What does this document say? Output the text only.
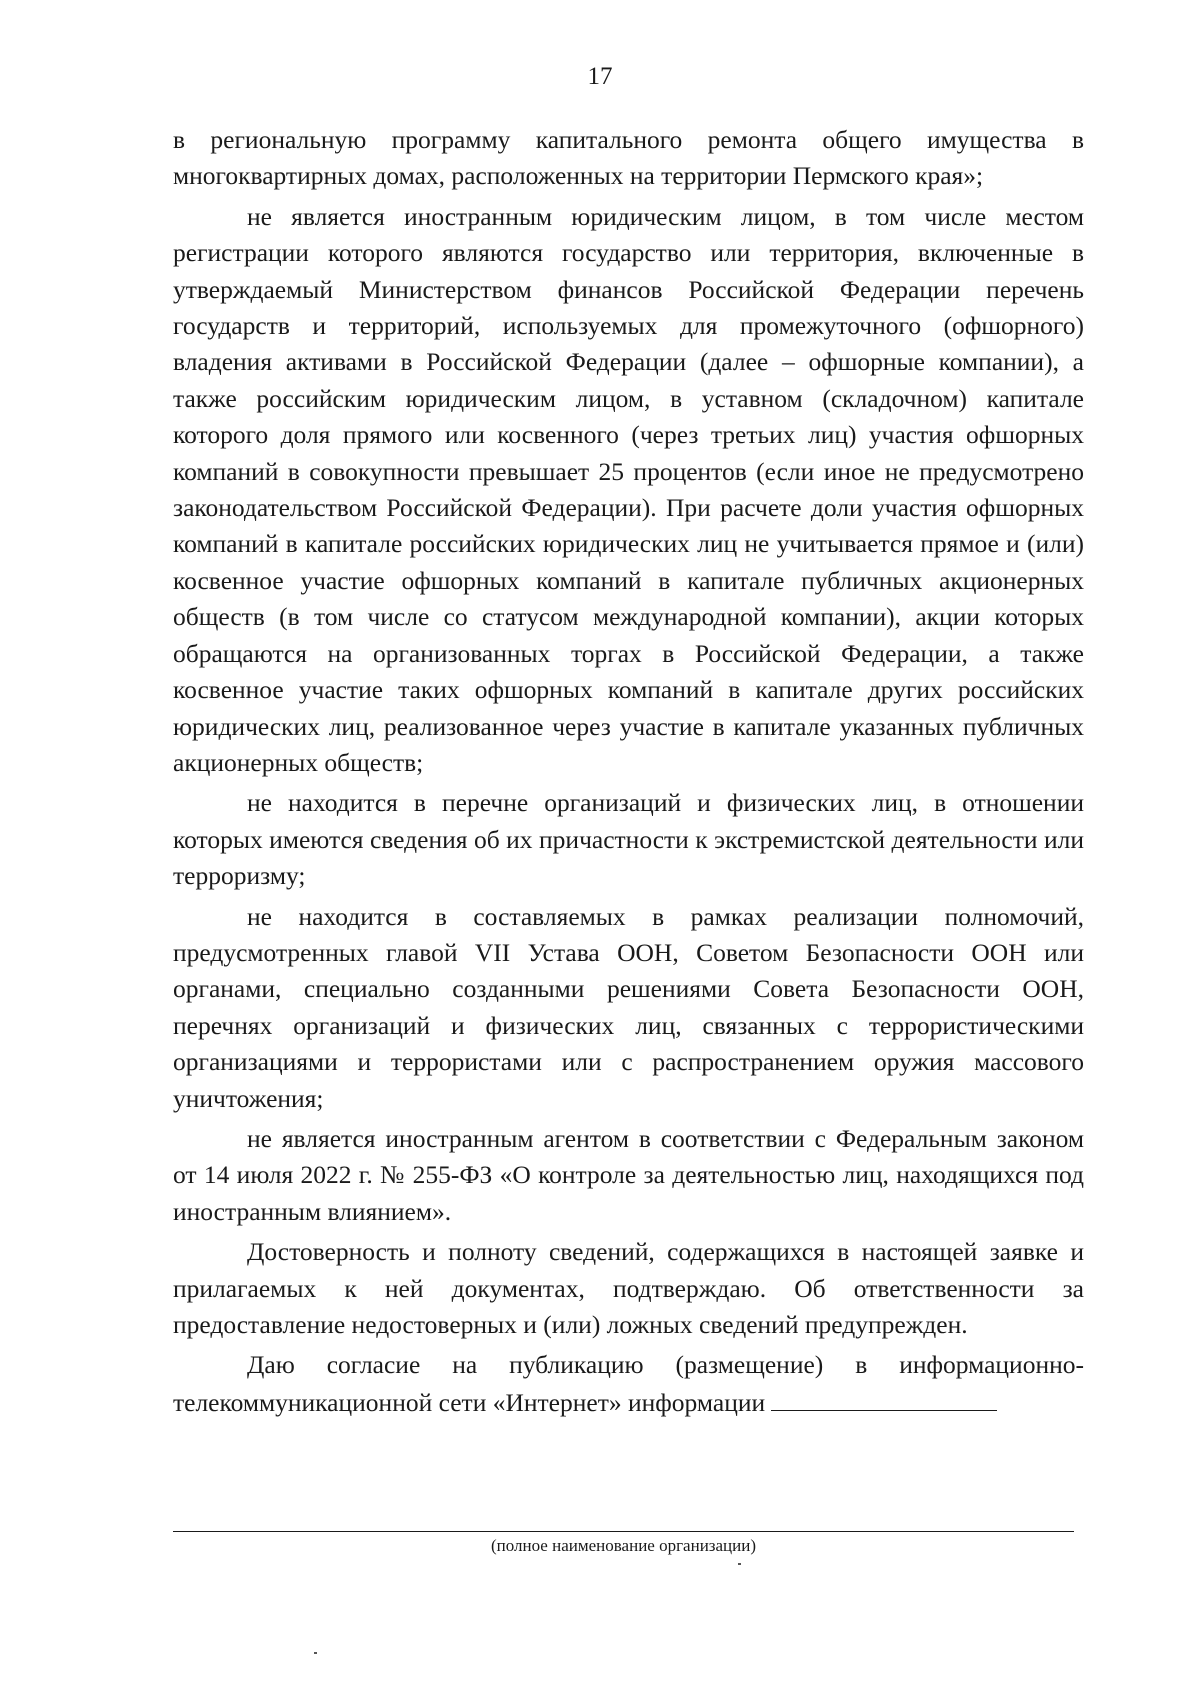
17

в региональную программу капитального ремонта общего имущества в многоквартирных домах, расположенных на территории Пермского края»;

не является иностранным юридическим лицом, в том числе местом регистрации которого являются государство или территория, включенные в утверждаемый Министерством финансов Российской Федерации перечень государств и территорий, используемых для промежуточного (офшорного) владения активами в Российской Федерации (далее – офшорные компании), а также российским юридическим лицом, в уставном (складочном) капитале которого доля прямого или косвенного (через третьих лиц) участия офшорных компаний в совокупности превышает 25 процентов (если иное не предусмотрено законодательством Российской Федерации). При расчете доли участия офшорных компаний в капитале российских юридических лиц не учитывается прямое и (или) косвенное участие офшорных компаний в капитале публичных акционерных обществ (в том числе со статусом международной компании), акции которых обращаются на организованных торгах в Российской Федерации, а также косвенное участие таких офшорных компаний в капитале других российских юридических лиц, реализованное через участие в капитале указанных публичных акционерных обществ;

не находится в перечне организаций и физических лиц, в отношении которых имеются сведения об их причастности к экстремистской деятельности или терроризму;

не находится в составляемых в рамках реализации полномочий, предусмотренных главой VII Устава ООН, Советом Безопасности ООН или органами, специально созданными решениями Совета Безопасности ООН, перечнях организаций и физических лиц, связанных с террористическими организациями и террористами или с распространением оружия массового уничтожения;

не является иностранным агентом в соответствии с Федеральным законом от 14 июля 2022 г. № 255-ФЗ «О контроле за деятельностью лиц, находящихся под иностранным влиянием».

Достоверность и полноту сведений, содержащихся в настоящей заявке и прилагаемых к ней документах, подтверждаю. Об ответственности за предоставление недостоверных и (или) ложных сведений предупрежден.

Даю согласие на публикацию (размещение) в информационно-телекоммуникационной сети «Интернет» информации

(полное наименование организации)
